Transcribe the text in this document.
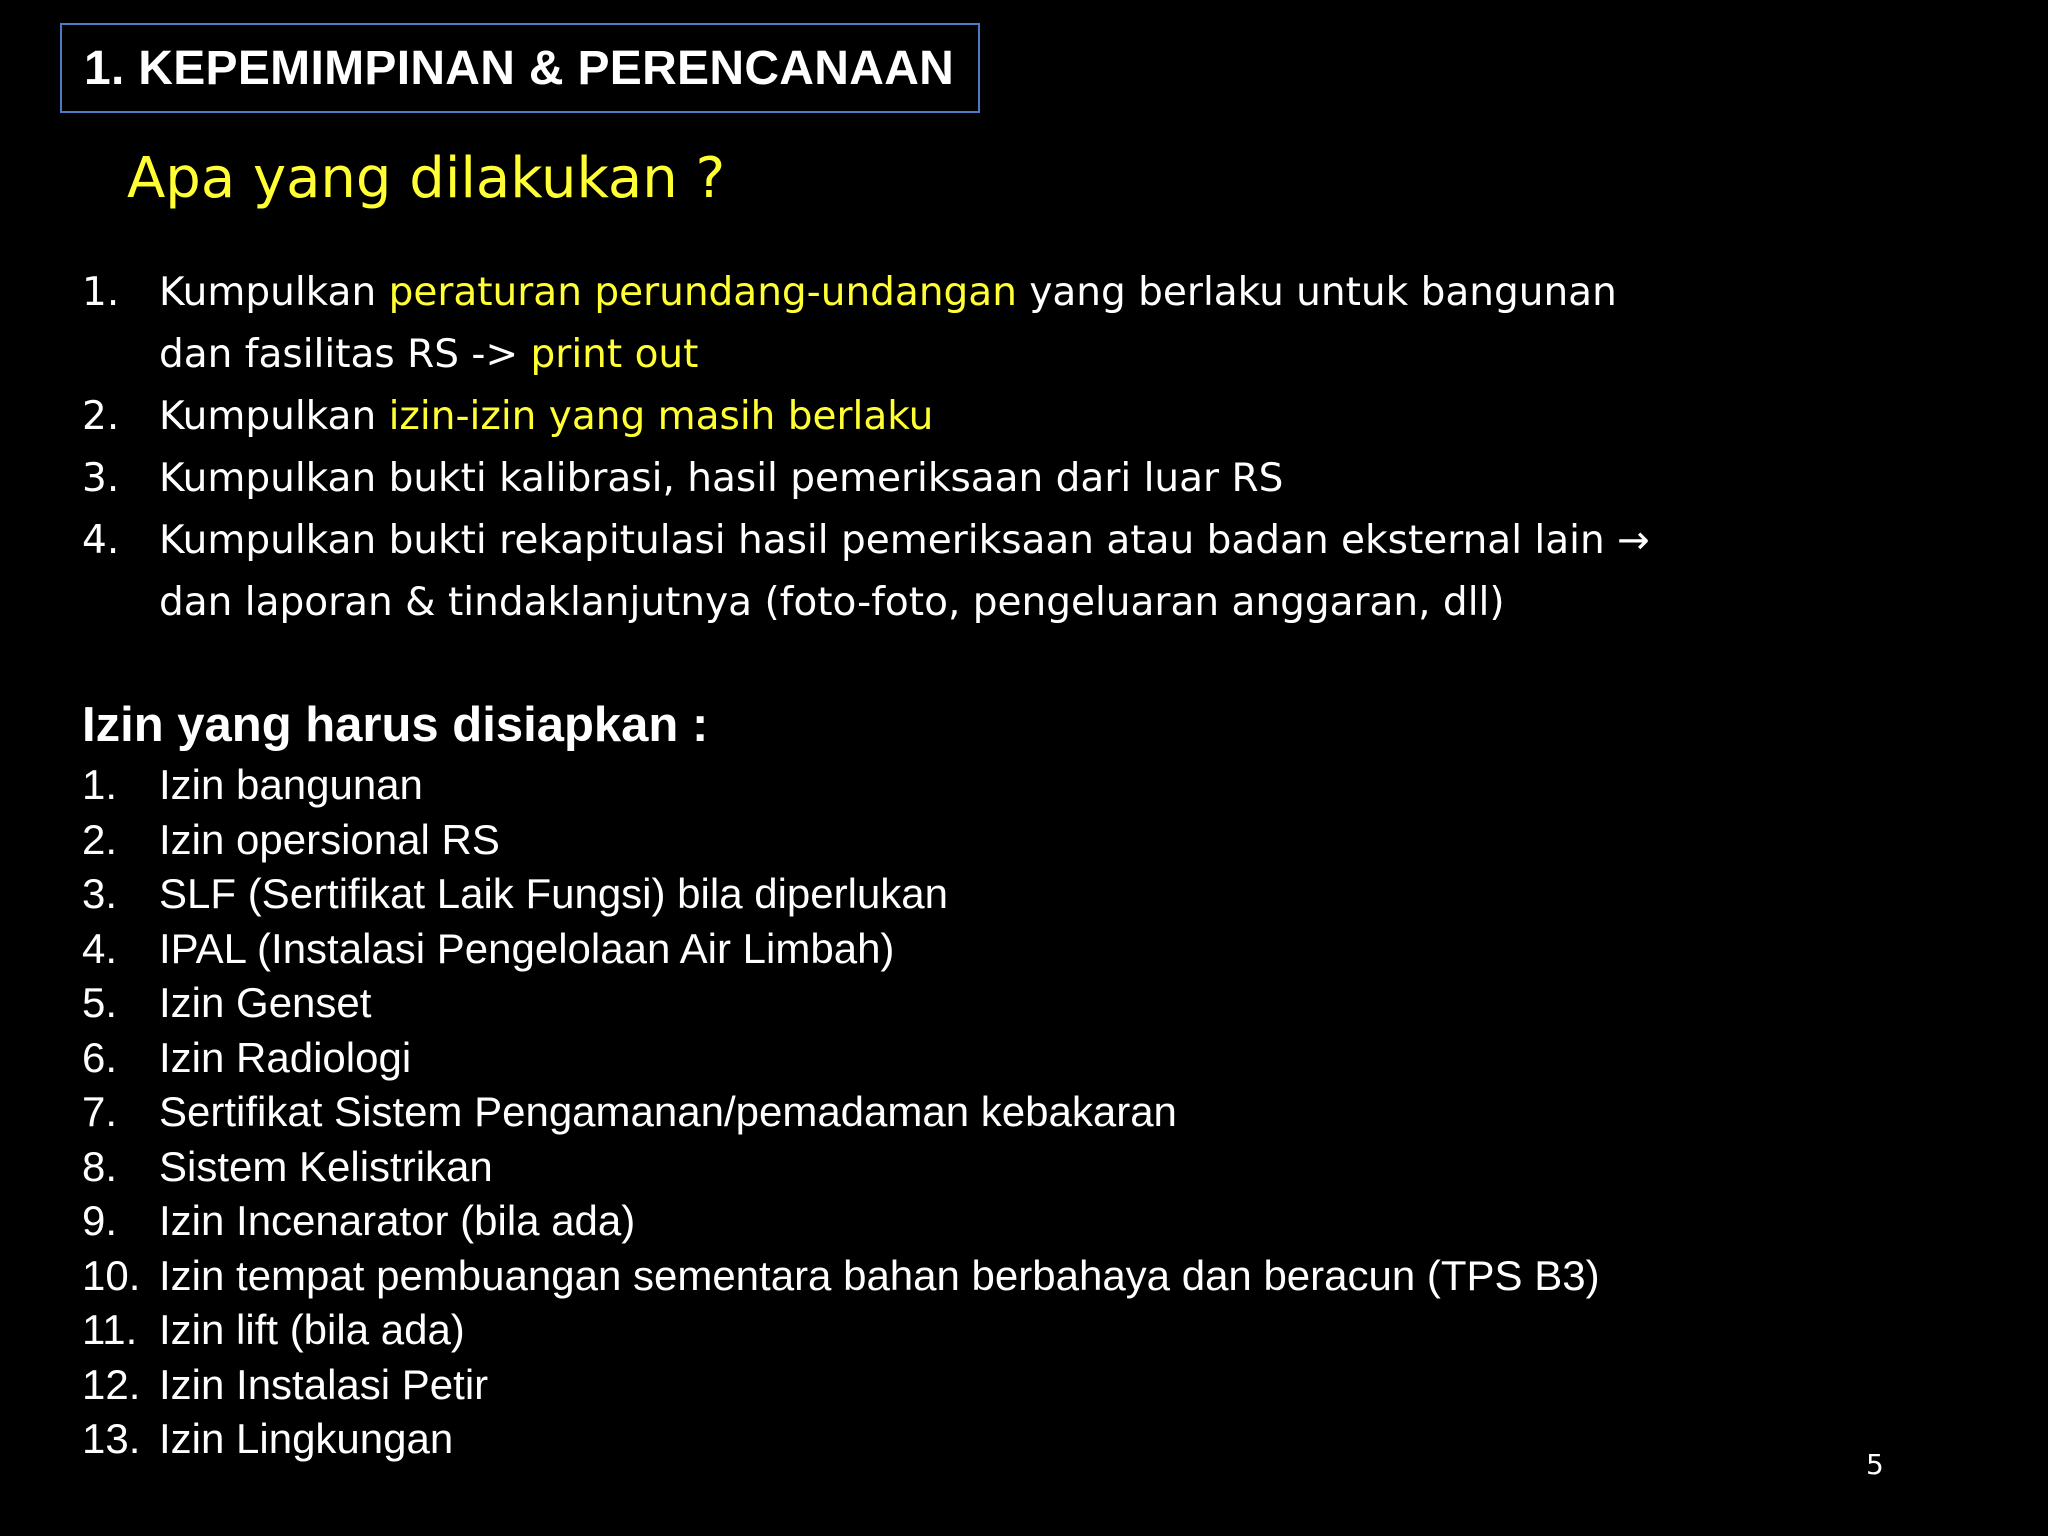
1. KEPEMIMPINAN & PERENCANAAN
Apa yang dilakukan ?
1. Kumpulkan peraturan perundang-undangan yang berlaku untuk bangunan
dan fasilitas RS -> print out
2. Kumpulkan izin-izin yang masih berlaku
3. Kumpulkan bukti kalibrasi, hasil pemeriksaan dari luar RS
4. Kumpulkan bukti rekapitulasi hasil pemeriksaan atau badan eksternal lain →
dan laporan & tindaklanjutnya (foto-foto, pengeluaran anggaran, dll)
Izin yang harus disiapkan :
1. Izin bangunan
2. Izin opersional RS
3. SLF (Sertifikat Laik Fungsi) bila diperlukan
4. IPAL (Instalasi Pengelolaan Air Limbah)
5. Izin Genset
6. Izin Radiologi
7. Sertifikat Sistem Pengamanan/pemadaman kebakaran
8. Sistem Kelistrikan
9. Izin Incenarator (bila ada)
10. Izin tempat pembuangan sementara bahan berbahaya dan beracun (TPS B3)
11. Izin lift (bila ada)
12. Izin Instalasi Petir
13. Izin Lingkungan
5
